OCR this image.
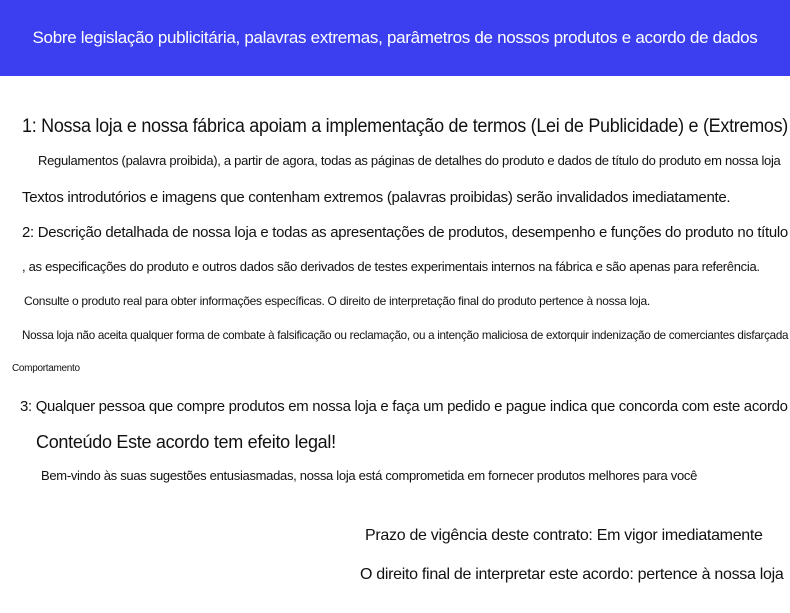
Sobre legislação publicitária, palavras extremas, parâmetros de nossos produtos e acordo de dados
1: Nossa loja e nossa fábrica apoiam a implementação de termos (Lei de Publicidade) e (Extremos)
Regulamentos (palavra proibida), a partir de agora, todas as páginas de detalhes do produto e dados de título do produto em nossa loja
Textos introdutórios e imagens que contenham extremos (palavras proibidas) serão invalidados imediatamente.
2: Descrição detalhada de nossa loja e todas as apresentações de produtos, desempenho e funções do produto no título
, as especificações do produto e outros dados são derivados de testes experimentais internos na fábrica e são apenas para referência.
Consulte o produto real para obter informações específicas. O direito de interpretação final do produto pertence à nossa loja.
Nossa loja não aceita qualquer forma de combate à falsificação ou reclamação, ou a intenção maliciosa de extorquir indenização de comerciantes disfarçada
Comportamento
3: Qualquer pessoa que compre produtos em nossa loja e faça um pedido e pague indica que concorda com este acordo
Conteúdo Este acordo tem efeito legal!
Bem-vindo às suas sugestões entusiasmadas, nossa loja está comprometida em fornecer produtos melhores para você
Prazo de vigência deste contrato: Em vigor imediatamente
O direito final de interpretar este acordo: pertence à nossa loja
